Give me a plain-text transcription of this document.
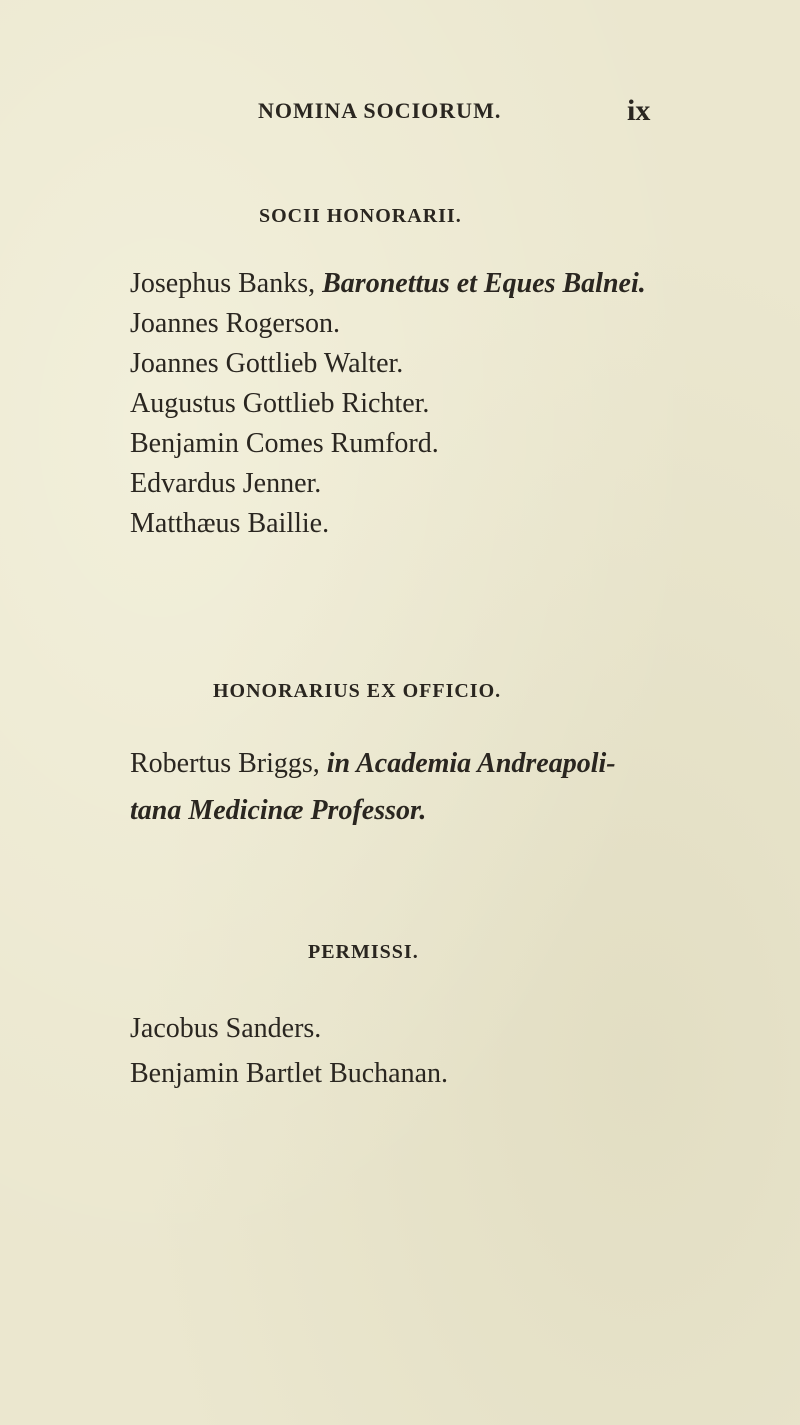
NOMINA SOCIORUM.	ix
SOCII HONORARII.
Josephus Banks, Baronettus et Eques Balnei.
Joannes Rogerson.
Joannes Gottlieb Walter.
Augustus Gottlieb Richter.
Benjamin Comes Rumford.
Edvardus Jenner.
Matthæus Baillie.
HONORARIUS EX OFFICIO.
Robertus Briggs, in Academia Andreapoli-
tana Medicinæ Professor.
PERMISSI.
Jacobus Sanders.
Benjamin Bartlet Buchanan.
